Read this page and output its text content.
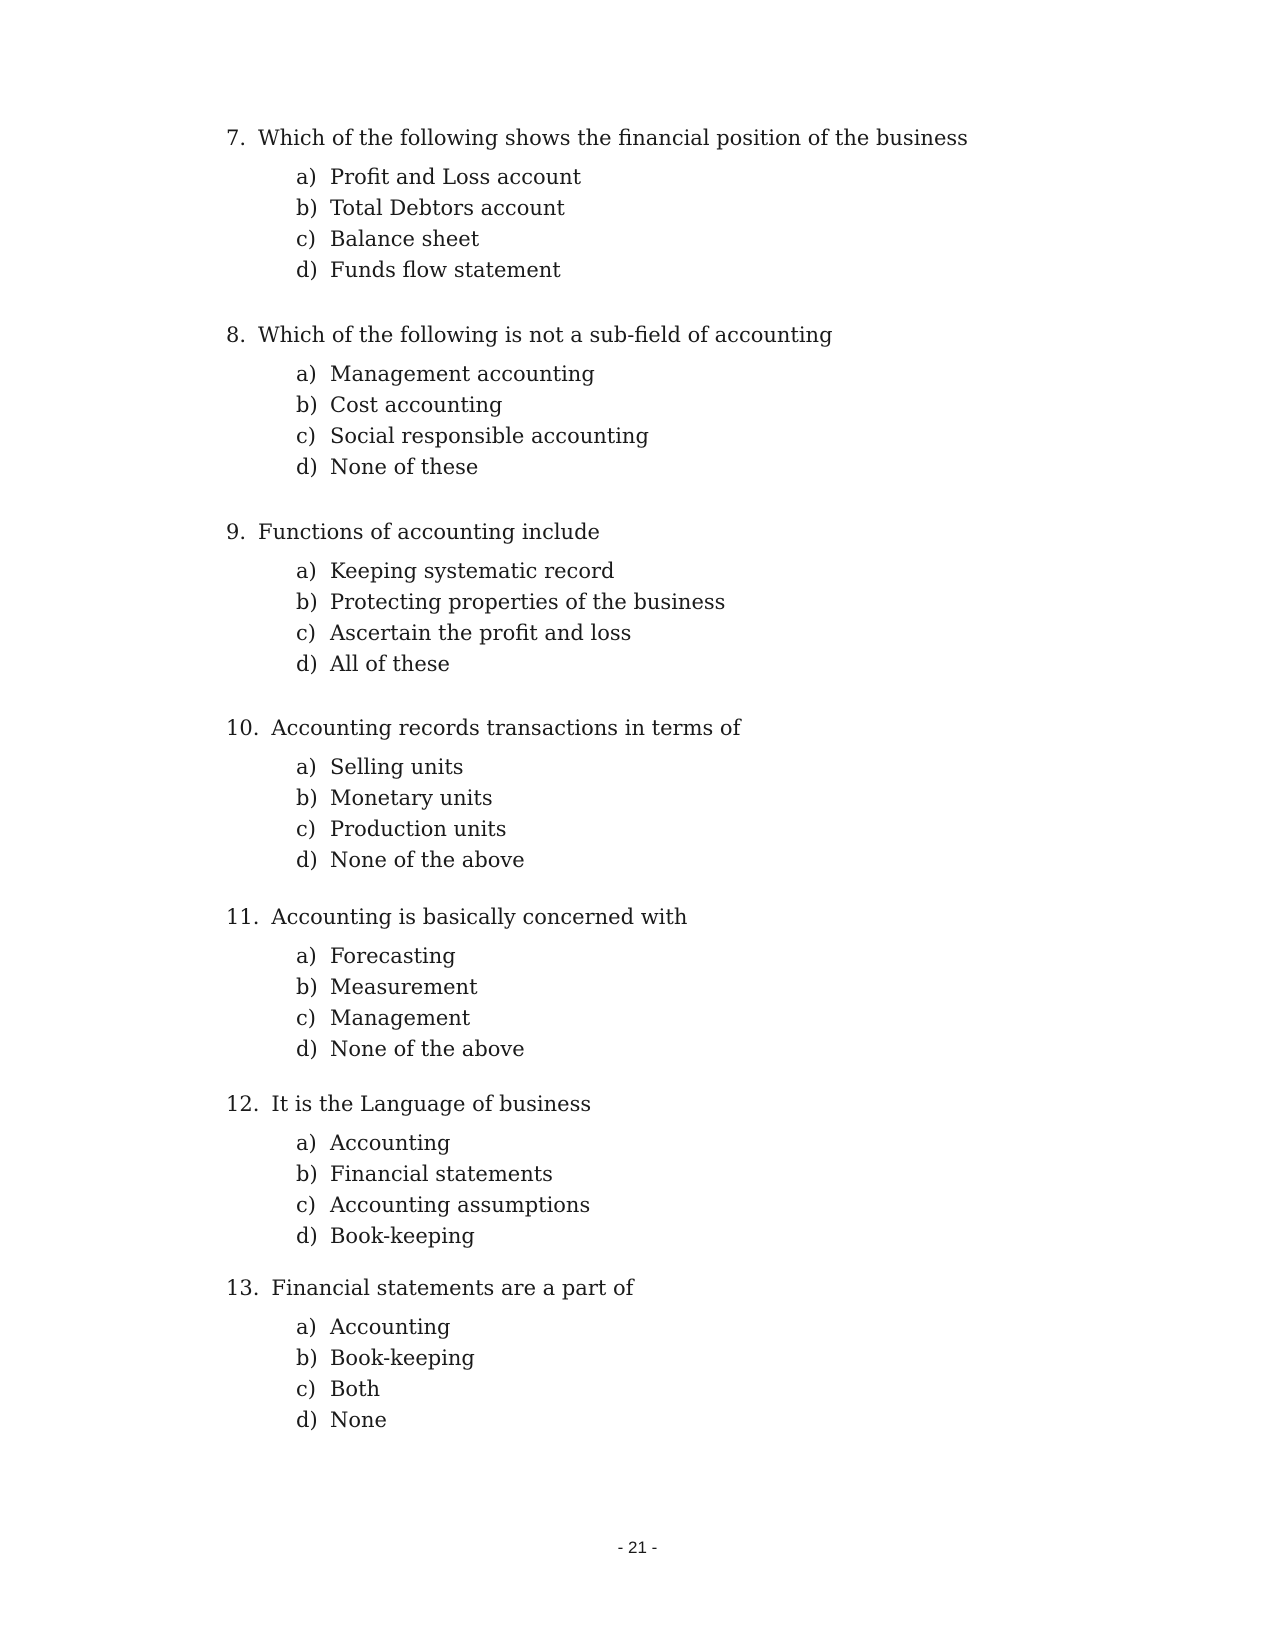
7. Which of the following shows the financial position of the business
a) Profit and Loss account
b) Total Debtors account
c) Balance sheet
d) Funds flow statement
8. Which of the following is not a sub-field of accounting
a) Management accounting
b) Cost accounting
c) Social responsible accounting
d) None of these
9. Functions of accounting include
a) Keeping systematic record
b) Protecting properties of the business
c) Ascertain the profit and loss
d) All of these
10. Accounting records transactions in terms of
a) Selling units
b) Monetary units
c) Production units
d) None of the above
11. Accounting is basically concerned with
a) Forecasting
b) Measurement
c) Management
d) None of the above
12. It is the Language of business
a) Accounting
b) Financial statements
c) Accounting assumptions
d) Book-keeping
13. Financial statements are a part of
a) Accounting
b) Book-keeping
c) Both
d) None
- 21 -
